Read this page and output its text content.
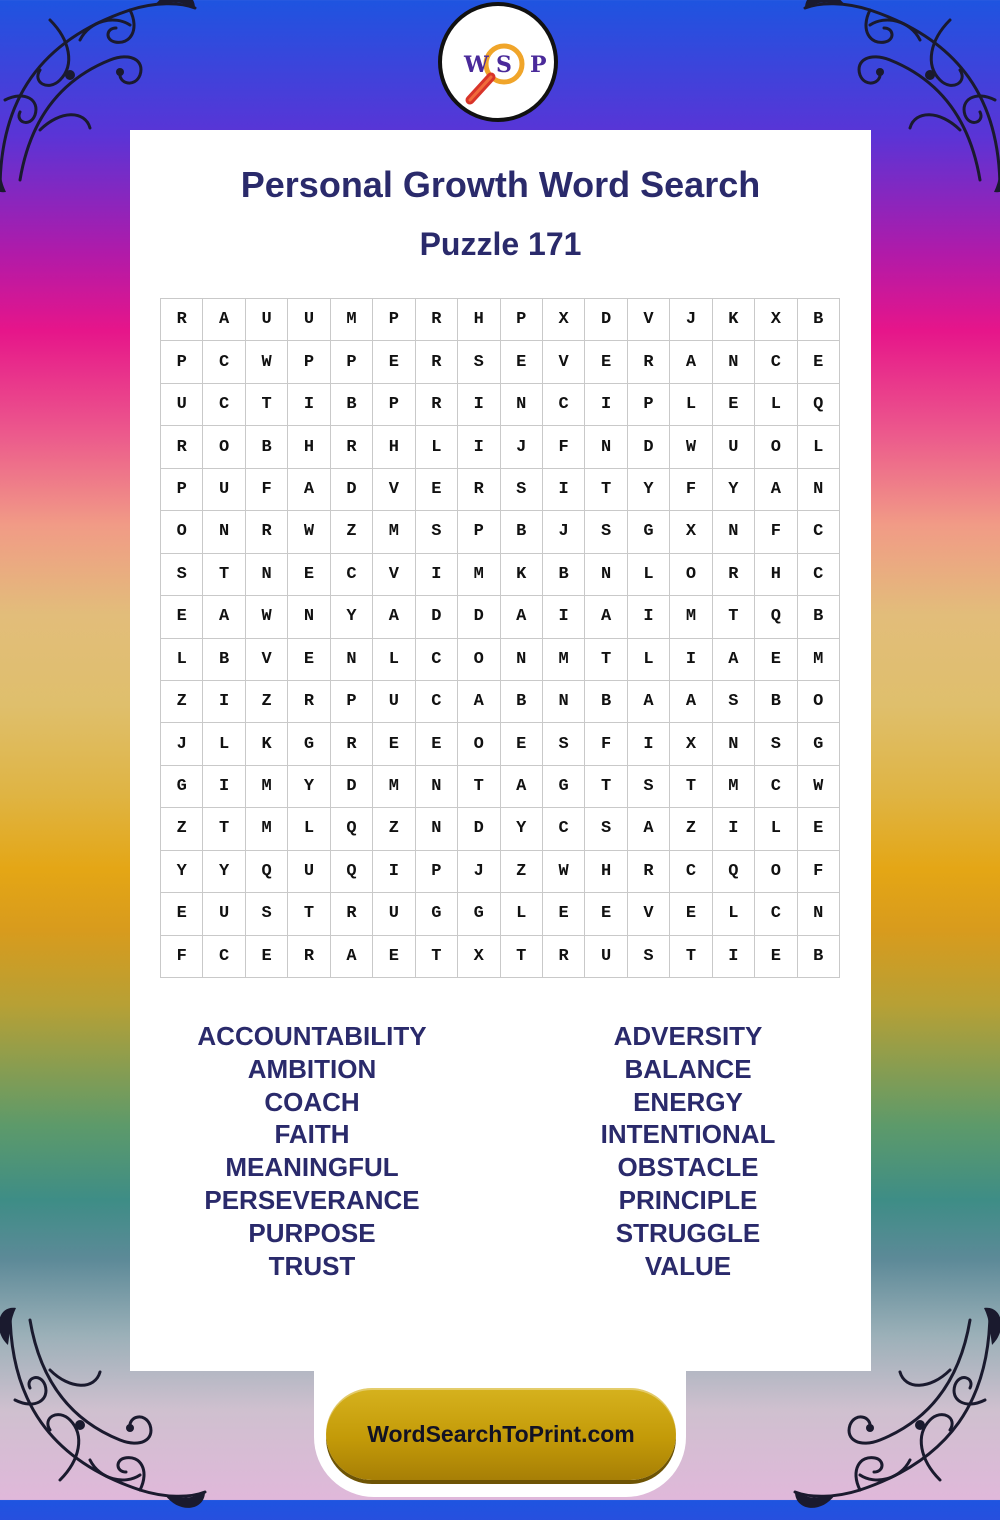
W S P
Personal Growth Word Search
Puzzle 171
R	A	U	U	M	P	R	H	P	X	D	V	J	K	X	B
P	C	W	P	P	E	R	S	E	V	E	R	A	N	C	E
U	C	T	I	B	P	R	I	N	C	I	P	L	E	L	Q
R	O	B	H	R	H	L	I	J	F	N	D	W	U	O	L
P	U	F	A	D	V	E	R	S	I	T	Y	F	Y	A	N
O	N	R	W	Z	M	S	P	B	J	S	G	X	N	F	C
S	T	N	E	C	V	I	M	K	B	N	L	O	R	H	C
E	A	W	N	Y	A	D	D	A	I	A	I	M	T	Q	B
L	B	V	E	N	L	C	O	N	M	T	L	I	A	E	M
Z	I	Z	R	P	U	C	A	B	N	B	A	A	S	B	O
J	L	K	G	R	E	E	O	E	S	F	I	X	N	S	G
G	I	M	Y	D	M	N	T	A	G	T	S	T	M	C	W
Z	T	M	L	Q	Z	N	D	Y	C	S	A	Z	I	L	E
Y	Y	Q	U	Q	I	P	J	Z	W	H	R	C	Q	O	F
E	U	S	T	R	U	G	G	L	E	E	V	E	L	C	N
F	C	E	R	A	E	T	X	T	R	U	S	T	I	E	B
ACCOUNTABILITY
AMBITION
COACH
FAITH
MEANINGFUL
PERSEVERANCE
PURPOSE
TRUST
ADVERSITY
BALANCE
ENERGY
INTENTIONAL
OBSTACLE
PRINCIPLE
STRUGGLE
VALUE
WordSearchToPrint.com
